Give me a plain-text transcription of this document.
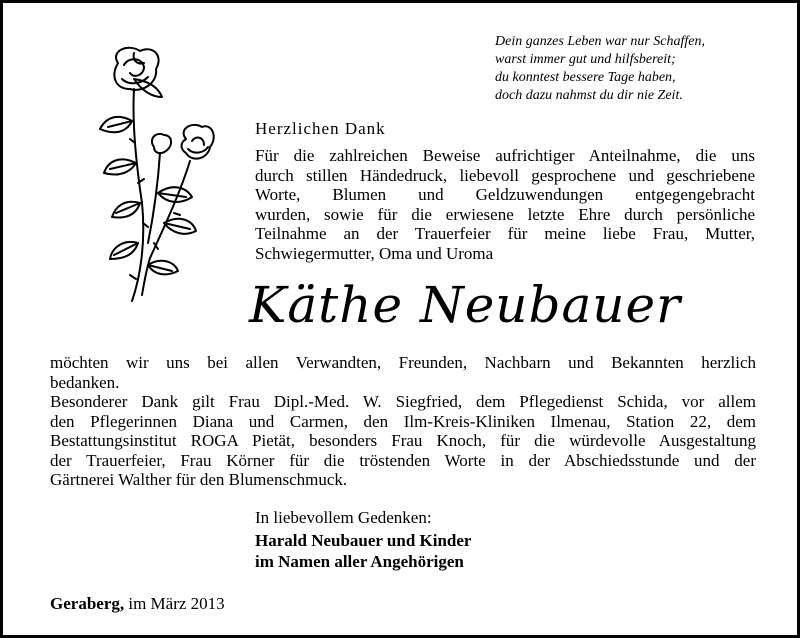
Dein ganzes Leben war nur Schaffen,
warst immer gut und hilfsbereit;
du konntest bessere Tage haben,
doch dazu nahmst du dir nie Zeit.
Herzlichen Dank
Für die zahlreichen Beweise aufrichtiger Anteilnahme, die uns
durch stillen Händedruck, liebevoll gesprochene und geschriebene
Worte, Blumen und Geldzuwendungen entgegengebracht
wurden, sowie für die erwiesene letzte Ehre durch persönliche
Teilnahme an der Trauerfeier für meine liebe Frau, Mutter,
Schwiegermutter, Oma und Uroma
Käthe Neubauer
möchten wir uns bei allen Verwandten, Freunden, Nachbarn und Bekannten herzlich
bedanken.
Besonderer Dank gilt Frau Dipl.-Med. W. Siegfried, dem Pflegedienst Schida, vor allem
den Pflegerinnen Diana und Carmen, den Ilm-Kreis-Kliniken Ilmenau, Station 22, dem
Bestattungsinstitut ROGA Pietät, besonders Frau Knoch, für die würdevolle Ausgestaltung
der Trauerfeier, Frau Körner für die tröstenden Worte in der Abschiedsstunde und der
Gärtnerei Walther für den Blumenschmuck.
In liebevollem Gedenken:
Harald Neubauer und Kinder
im Namen aller Angehörigen
Geraberg, im März 2013
